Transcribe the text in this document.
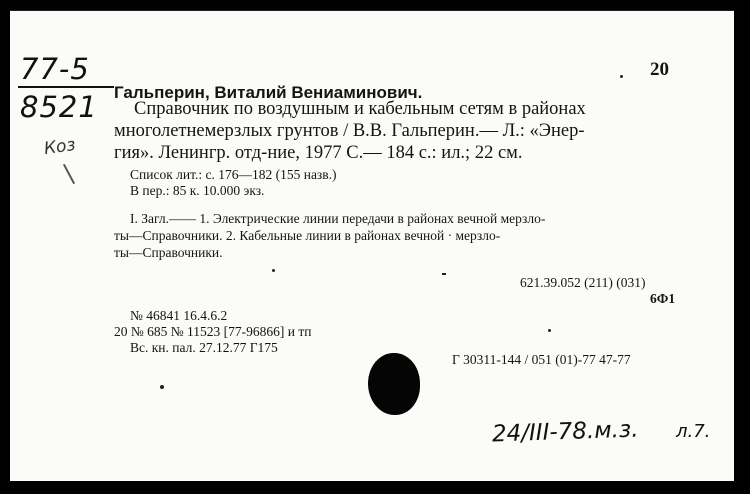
77-5
8521
Коз
20
Гальперин, Виталий Вениаминович.
Справочник по воздушным и кабельным сетям в районах
многолетнемерзлых грунтов / В.В. Гальперин.— Л.: «Энер-
гия». Ленингр. отд-ние, 1977 С.— 184 с.: ил.; 22 см.
Список лит.: с. 176—182 (155 назв.)
В пер.: 85 к. 10.000 экз.
I. Загл.—— 1. Электрические линии передачи в районах вечной мерзло-
ты—Справочники. 2. Кабельные линии в районах вечной · мерзло-
ты—Справочники.
621.39.052 (211) (031)
6Ф1
№ 46841 16.4.6.2
20 № 685 № 11523 [77-96866] и тп
Вс. кн. пал. 27.12.77 Г175
Г 30311-144 / 051 (01)-77 47-77
24/III-78.м.з. л.7.
